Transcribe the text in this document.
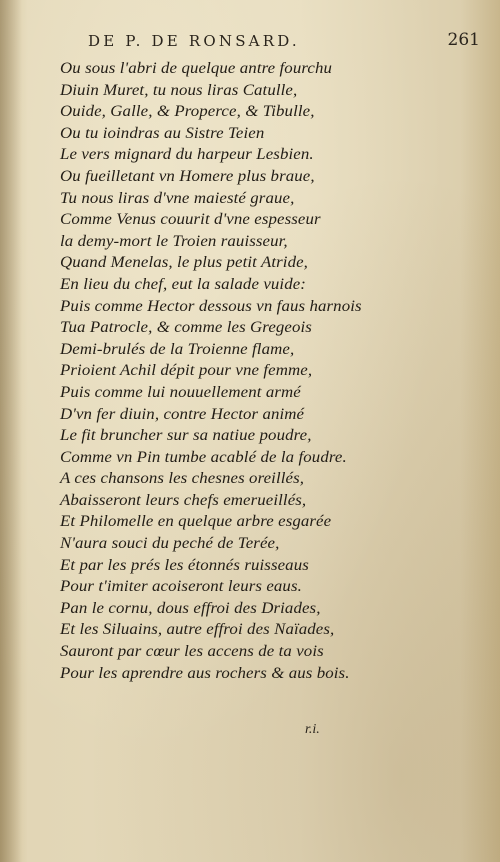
DE P. DE RONSARD.	261
Ou sous l'abri de quelque antre fourchu
Diuin Muret, tu nous liras Catulle,
Ouide, Galle, & Properce, & Tibulle,
Ou tu ioindras au Sistre Teien
Le vers mignard du harpeur Lesbien.
Ou fueilletant vn Homere plus braue,
Tu nous liras d'vne maiesté graue,
Comme Venus couurit d'vne espesseur
la demy-mort le Troien rauisseur,
Quand Menelas, le plus petit Atride,
En lieu du chef, eut la salade vuide:
Puis comme Hector dessous vn faus harnois
Tua Patrocle, & comme les Gregeois
Demi-brulés de la Troienne flame,
Prioient Achil dépit pour vne femme,
Puis comme lui nouuellement armé
D'vn fer diuin, contre Hector animé
Le fit bruncher sur sa natiue poudre,
Comme vn Pin tumbe acablé de la foudre.
A ces chansons les chesnes oreillés,
Abaisseront leurs chefs emerueillés,
Et Philomelle en quelque arbre esgarée
N'aura souci du peché de Terée,
Et par les prés les étonnés ruisseaus
Pour t'imiter acoiseront leurs eaus.
Pan le cornu, dous effroi des Driades,
Et les Siluains, autre effroi des Naïades,
Sauront par cœur les accens de ta vois
Pour les aprendre aus rochers & aus bois.
r.i.
